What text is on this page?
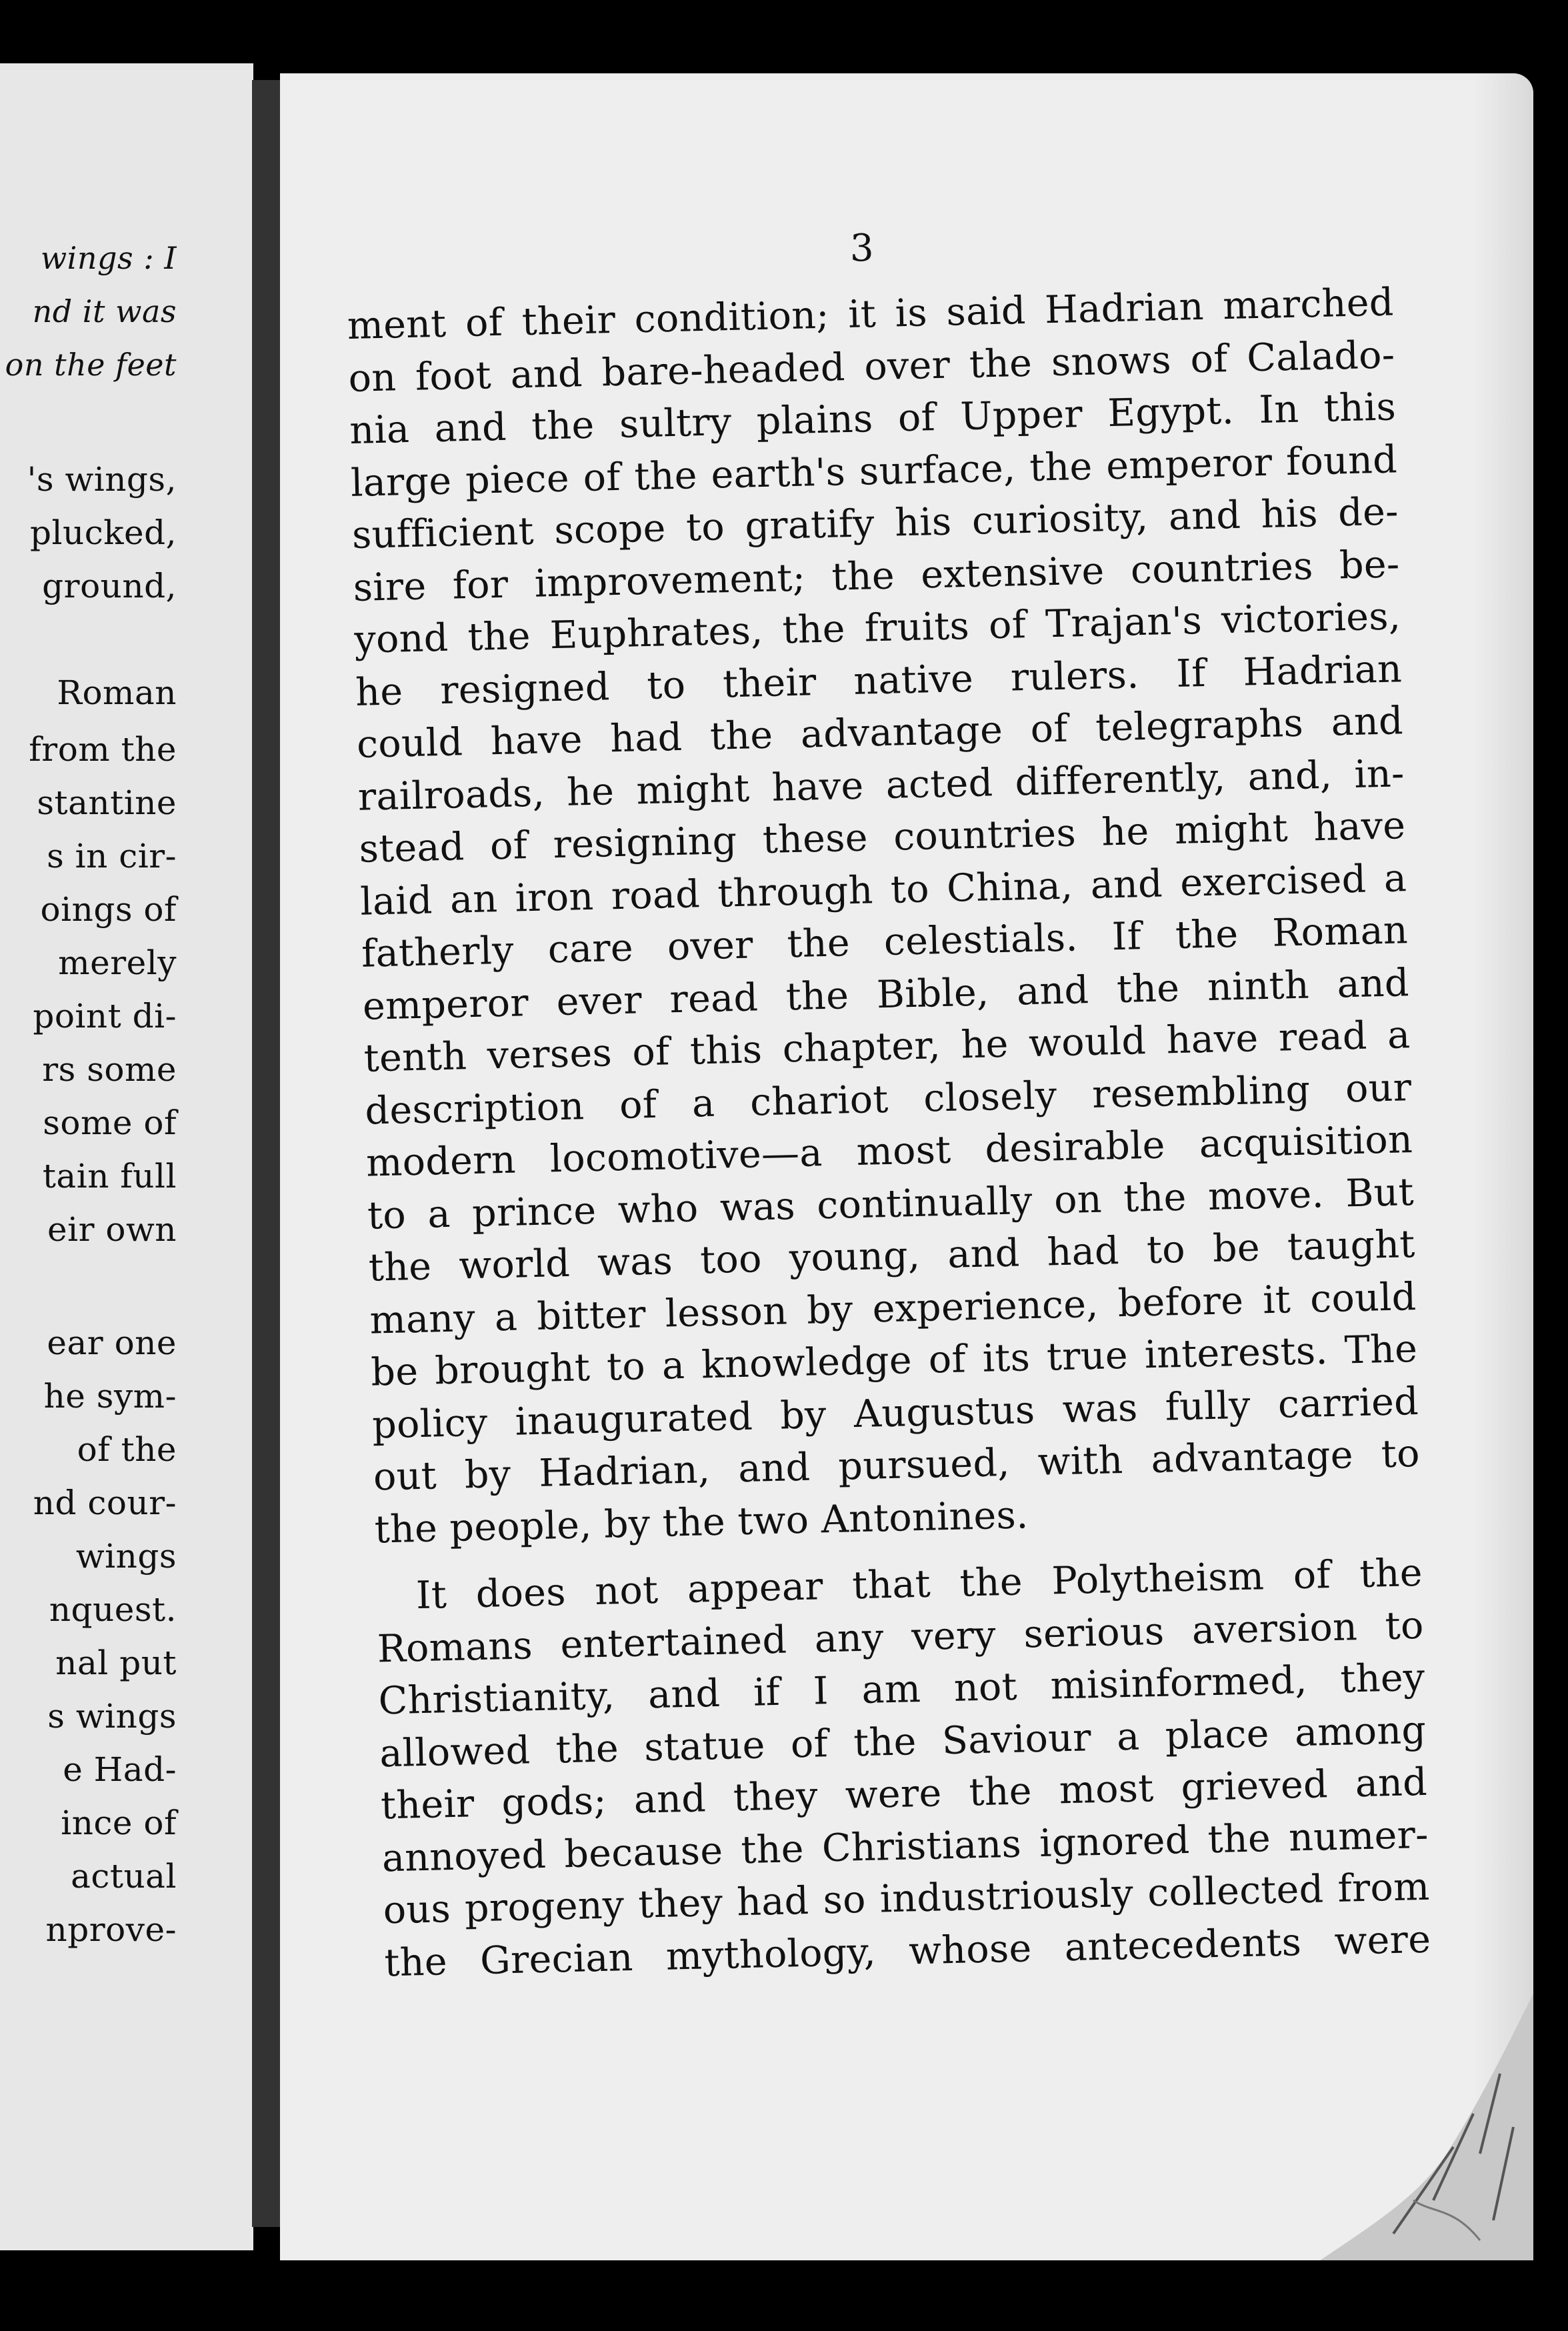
wings : I
nd it was
on the feet
's wings,
plucked,
ground,
Roman
from the
stantine
s in cir-
oings of
merely
point di-
rs some
some of
tain full
eir own
ear one
he sym-
of the
nd cour-
wings
nquest.
nal put
s wings
e Had-
ince of
actual
nprove-
3
ment of their condition; it is said Hadrian marched
on foot and bare-headed over the snows of Calado-
nia and the sultry plains of Upper Egypt. In this
large piece of the earth's surface, the emperor found
sufficient scope to gratify his curiosity, and his de-
sire for improvement; the extensive countries be-
yond the Euphrates, the fruits of Trajan's victories,
he resigned to their native rulers. If Hadrian
could have had the advantage of telegraphs and
railroads, he might have acted differently, and, in-
stead of resigning these countries he might have
laid an iron road through to China, and exercised a
fatherly care over the celestials. If the Roman
emperor ever read the Bible, and the ninth and
tenth verses of this chapter, he would have read a
description of a chariot closely resembling our
modern locomotive—a most desirable acquisition
to a prince who was continually on the move. But
the world was too young, and had to be taught
many a bitter lesson by experience, before it could
be brought to a knowledge of its true interests. The
policy inaugurated by Augustus was fully carried
out by Hadrian, and pursued, with advantage to
the people, by the two Antonines.
It does not appear that the Polytheism of the
Romans entertained any very serious aversion to
Christianity, and if I am not misinformed, they
allowed the statue of the Saviour a place among
their gods; and they were the most grieved and
annoyed because the Christians ignored the numer-
ous progeny they had so industriously collected from
the Grecian mythology, whose antecedents were
